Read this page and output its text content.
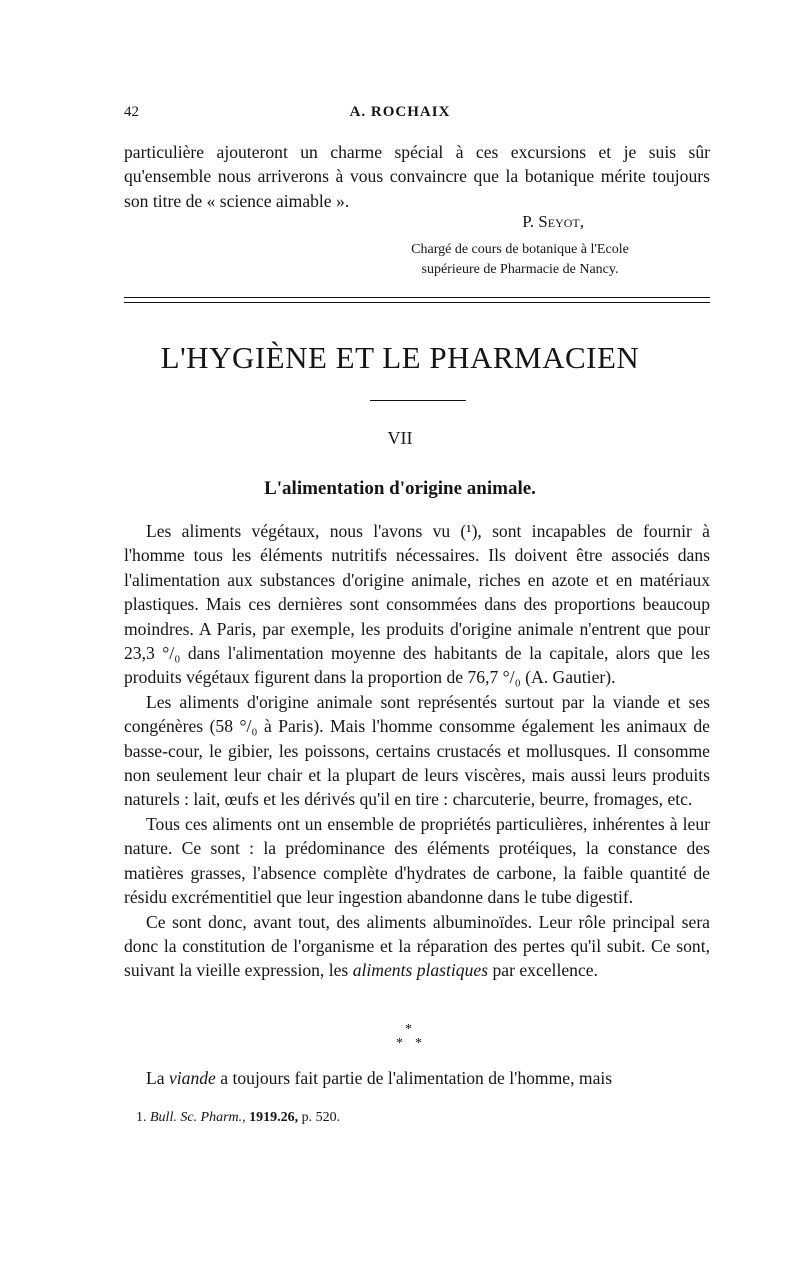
42	A. ROCHAIX

particulière ajouteront un charme spécial à ces excursions et je suis sûr qu'ensemble nous arriverons à vous convaincre que la botanique mérite toujours son titre de « science aimable ».

P. Seyot,
Chargé de cours de botanique à l'Ecole
supérieure de Pharmacie de Nancy.
L'HYGIÈNE ET LE PHARMACIEN
VII
L'alimentation d'origine animale.

Les aliments végétaux, nous l'avons vu (¹), sont incapables de fournir à l'homme tous les éléments nutritifs nécessaires. Ils doivent être associés dans l'alimentation aux substances d'origine animale, riches en azote et en matériaux plastiques. Mais ces dernières sont consommées dans des proportions beaucoup moindres. A Paris, par exemple, les produits d'origine animale n'entrent que pour 23,3 °/₀ dans l'alimentation moyenne des habitants de la capitale, alors que les produits végétaux figurent dans la proportion de 76,7 °/₀ (A. Gautier).

Les aliments d'origine animale sont représentés surtout par la viande et ses congénères (58 °/₀ à Paris). Mais l'homme consomme également les animaux de basse-cour, le gibier, les poissons, certains crustacés et mollusques. Il consomme non seulement leur chair et la plupart de leurs viscères, mais aussi leurs produits naturels : lait, œufs et les dérivés qu'il en tire : charcuterie, beurre, fromages, etc.

Tous ces aliments ont un ensemble de propriétés particulières, inhérentes à leur nature. Ce sont : la prédominance des éléments protéiques, la constance des matières grasses, l'absence complète d'hydrates de carbone, la faible quantité de résidu excrémentitiel que leur ingestion abandonne dans le tube digestif.

Ce sont donc, avant tout, des aliments albuminoïdes. Leur rôle principal sera donc la constitution de l'organisme et la réparation des pertes qu'il subit. Ce sont, suivant la vieille expression, les aliments plastiques par excellence.

*
* *
La viande a toujours fait partie de l'alimentation de l'homme, mais
1. Bull. Sc. Pharm., 1919.26, p. 520.
